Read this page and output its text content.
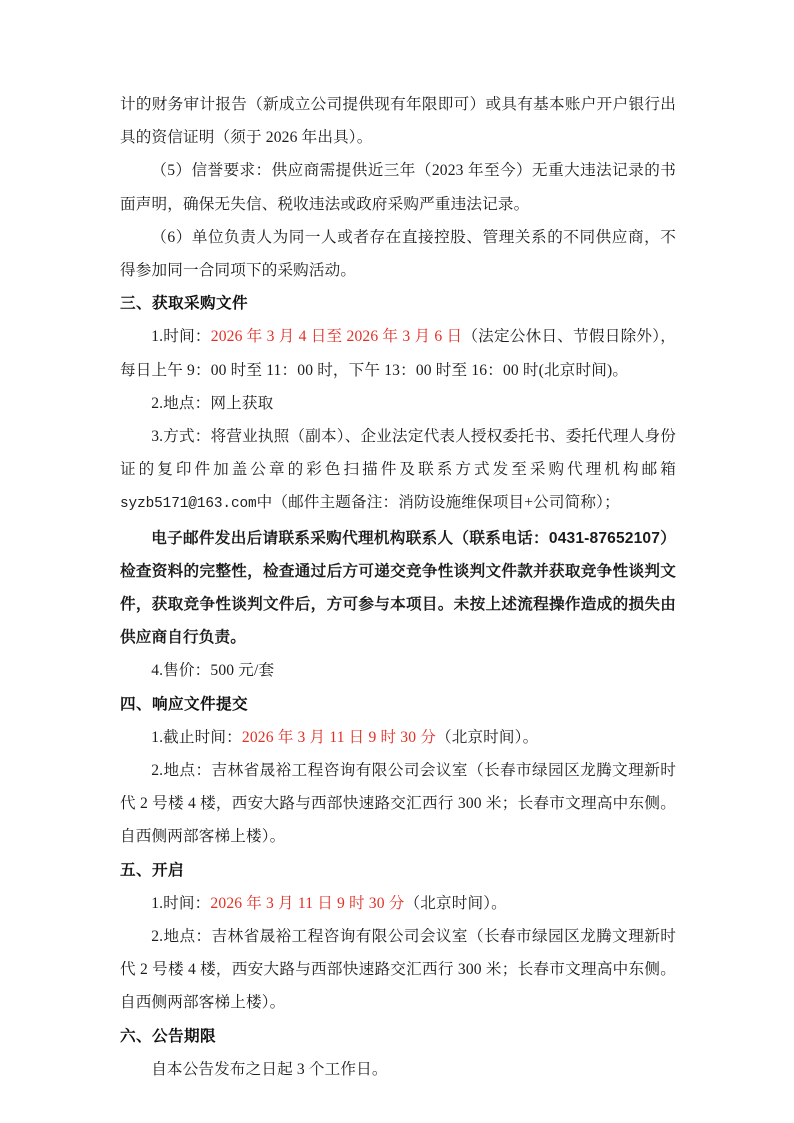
计的财务审计报告（新成立公司提供现有年限即可）或具有基本账户开户银行出具的资信证明（须于 2026 年出具）。

（5）信誉要求：供应商需提供近三年（2023 年至今）无重大违法记录的书面声明，确保无失信、税收违法或政府采购严重违法记录。

（6）单位负责人为同一人或者存在直接控股、管理关系的不同供应商，不得参加同一合同项下的采购活动。

三、获取采购文件

1.时间：2026 年 3 月 4 日至 2026 年 3 月 6 日（法定公休日、节假日除外），每日上午 9：00 时至 11：00 时，下午 13：00 时至 16：00 时(北京时间)。

2.地点：网上获取

3.方式：将营业执照（副本）、企业法定代表人授权委托书、委托代理人身份证的复印件加盖公章的彩色扫描件及联系方式发至采购代理机构邮箱syzb5171@163.com中（邮件主题备注：消防设施维保项目+公司简称）；

电子邮件发出后请联系采购代理机构联系人（联系电话：0431-87652107）检查资料的完整性，检查通过后方可递交竞争性谈判文件款并获取竞争性谈判文件，获取竞争性谈判文件后，方可参与本项目。未按上述流程操作造成的损失由供应商自行负责。

4.售价：500 元/套

四、响应文件提交

1.截止时间：2026 年 3 月 11 日 9 时 30 分（北京时间）。

2.地点：吉林省晟裕工程咨询有限公司会议室（长春市绿园区龙腾文理新时代 2 号楼 4 楼，西安大路与西部快速路交汇西行 300 米；长春市文理高中东侧。自西侧两部客梯上楼）。

五、开启

1.时间：2026 年 3 月 11 日 9 时 30 分（北京时间）。

2.地点：吉林省晟裕工程咨询有限公司会议室（长春市绿园区龙腾文理新时代 2 号楼 4 楼，西安大路与西部快速路交汇西行 300 米；长春市文理高中东侧。自西侧两部客梯上楼）。

六、公告期限

自本公告发布之日起 3 个工作日。
